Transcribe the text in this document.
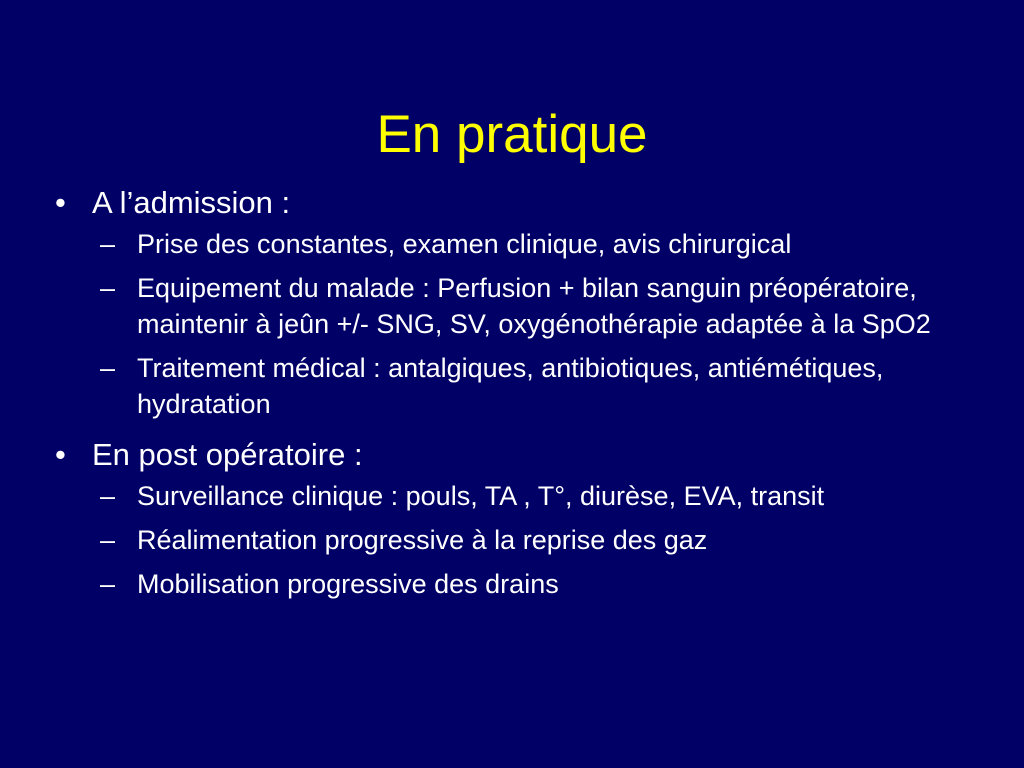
En pratique
• A l’admission :
– Prise des constantes, examen clinique, avis chirurgical
– Equipement du malade : Perfusion + bilan sanguin préopératoire, maintenir à jeûn +/- SNG, SV, oxygénothérapie adaptée à la SpO2
– Traitement médical : antalgiques, antibiotiques, antiémétiques, hydratation
• En post opératoire :
– Surveillance clinique : pouls, TA , T°, diurèse, EVA, transit
– Réalimentation progressive à la reprise des gaz
– Mobilisation progressive des drains
